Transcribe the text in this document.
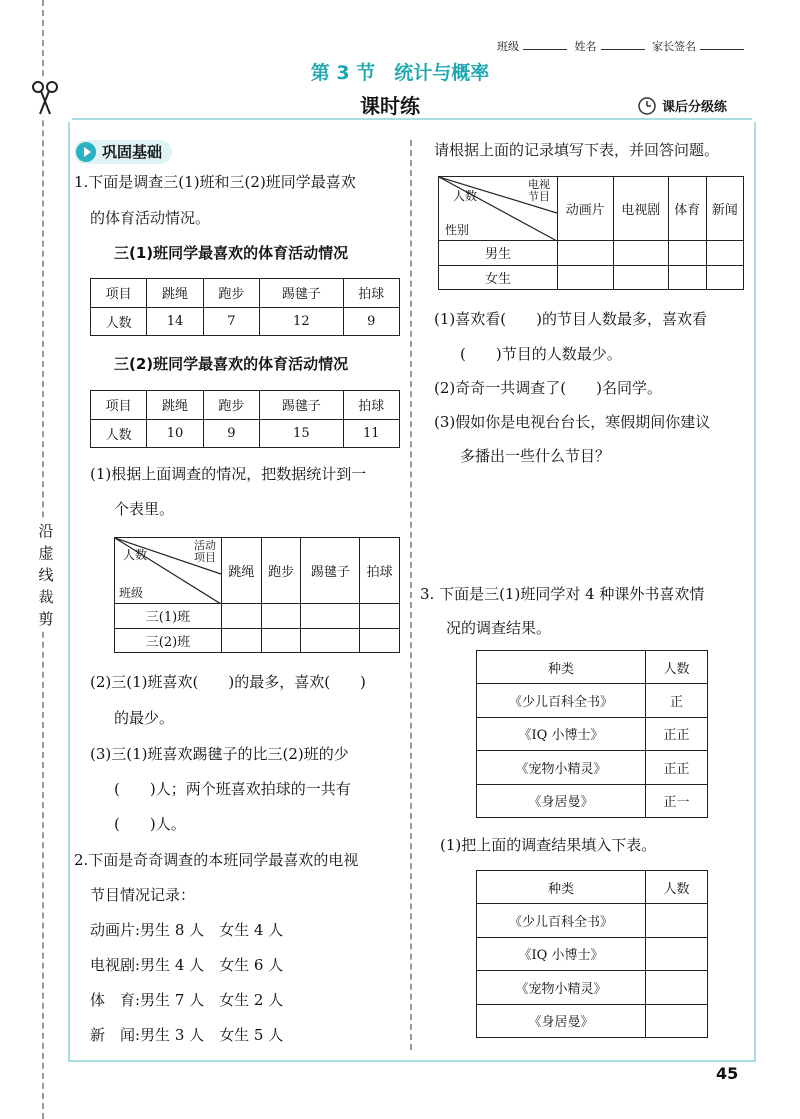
班级	姓名	家长签名
沿
虚
线
裁
剪
第 3 节　统计与概率
课时练	课后分级练
巩固基础
1.下面是调查三(1)班和三(2)班同学最喜欢
的体育活动情况。
三(1)班同学最喜欢的体育活动情况
项目	跳绳	跑步	踢毽子	拍球
人数	14	7	12	9
三(2)班同学最喜欢的体育活动情况
项目	跳绳	跑步	踢毽子	拍球
人数	10	9	15	11
(1)根据上面调查的情况，把数据统计到一
个表里。
活动项目
人数
班级	跳绳	跑步	踢毽子	拍球
三(1)班				
三(2)班				
(2)三(1)班喜欢(　　)的最多，喜欢(　　)
的最少。
(3)三(1)班喜欢踢毽子的比三(2)班的少
(　　)人；两个班喜欢拍球的一共有
(　　)人。
2.下面是奇奇调查的本班同学最喜欢的电视
节目情况记录：
动画片:男生 8 人　女生 4 人
电视剧:男生 4 人　女生 6 人
体　育:男生 7 人　女生 2 人
新　闻:男生 3 人　女生 5 人
请根据上面的记录填写下表，并回答问题。
电视节目
人数
性别	动画片	电视剧	体育	新闻
男生				
女生				
(1)喜欢看(　　)的节目人数最多，喜欢看
(　　)节目的人数最少。
(2)奇奇一共调查了(　　)名同学。
(3)假如你是电视台台长，寒假期间你建议
多播出一些什么节目？
3. 下面是三(1)班同学对 4 种课外书喜欢情
况的调查结果。
种类	人数
《少儿百科全书》	正
《IQ 小博士》	正正
《宠物小精灵》	正正
《身居曼》	正一
(1)把上面的调查结果填入下表。
种类	人数
《少儿百科全书》	
《IQ 小博士》	
《宠物小精灵》	
《身居曼》	
45
